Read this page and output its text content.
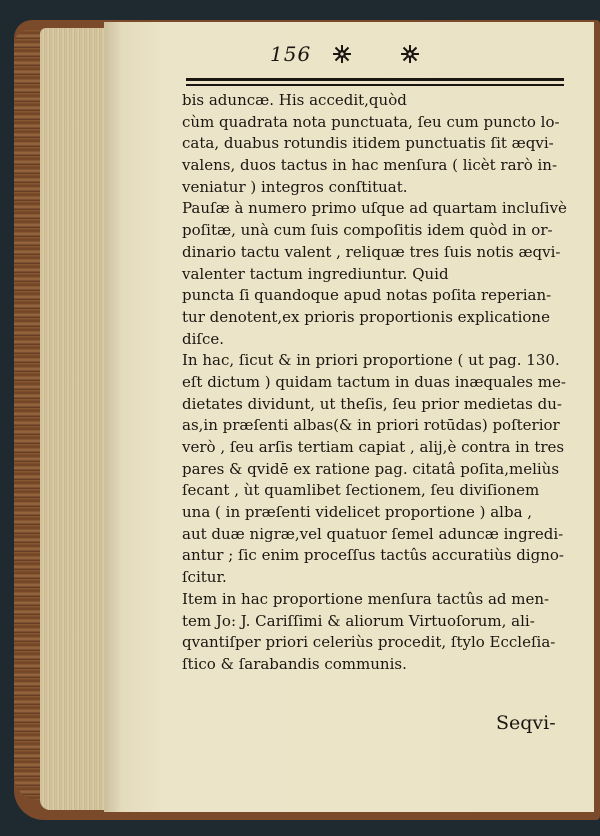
156
bis aduncæ. His accedit,quòd
cùm quadrata nota punctuata, ſeu cum puncto lo-
cata, duabus rotundis itidem punctuatis ſit æqvi-
valens, duos tactus in hac menſura ( licèt rarò in-
veniatur ) integros conſtituat.
Pauſæ à numero primo uſque ad quartam incluſivè
poſitæ, unà cum ſuis compoſitis idem quòd in or-
dinario tactu valent , reliquæ tres ſuis notis æqvi-
valenter tactum ingrediuntur. Quid
puncta ſi quandoque apud notas poſita reperian-
tur denotent,ex prioris proportionis explicatione
diſce.
In hac, ſicut & in priori proportione ( ut pag. 130.
eſt dictum ) quidam tactum in duas inæquales me-
dietates dividunt, ut theſis, ſeu prior medietas du-
as,in præſenti albas(& in priori rotūdas) poſterior
verò , ſeu arſis tertiam capiat , alij,è contra in tres
pares & qvidē ex ratione pag. citatâ poſita,meliùs
ſecant , ùt quamlibet ſectionem, ſeu diviſionem
una ( in præſenti videlicet proportione ) alba ,
aut duæ nigræ,vel quatuor ſemel aduncæ ingredi-
antur ; ſic enim proceſſus tactûs accuratiùs digno-
ſcitur.
Item in hac proportione menſura tactûs ad men-
tem Jo: J. Cariſſimi & aliorum Virtuoſorum, ali-
qvantiſper priori celeriùs procedit, ſtylo Eccleſia-
ſtico & ſarabandis communis.
Seqvi-
